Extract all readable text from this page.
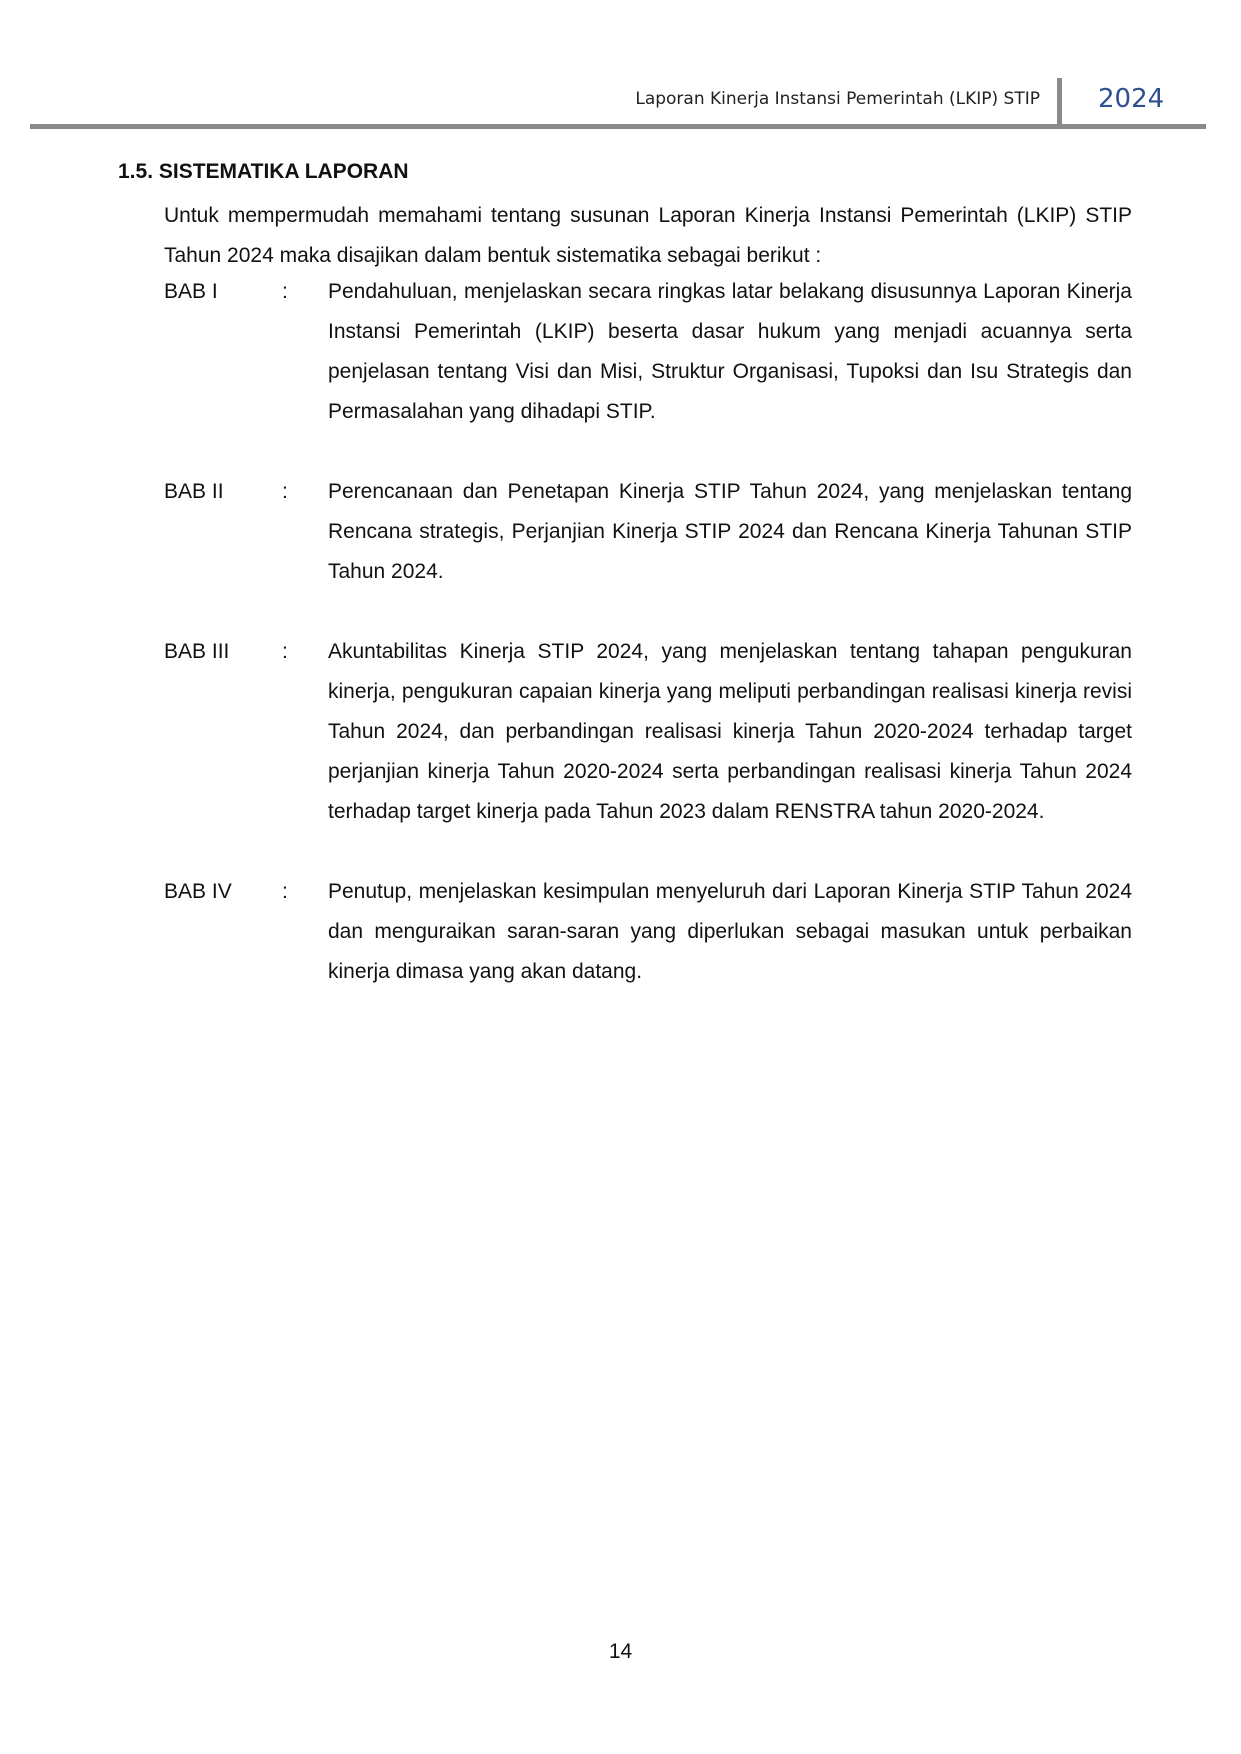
Laporan Kinerja Instansi Pemerintah (LKIP) STIP 2024
1.5. SISTEMATIKA LAPORAN

Untuk mempermudah memahami tentang susunan Laporan Kinerja Instansi Pemerintah (LKIP) STIP Tahun 2024 maka disajikan dalam bentuk sistematika sebagai berikut :

BAB I	: Pendahuluan, menjelaskan secara ringkas latar belakang disusunnya Laporan Kinerja Instansi Pemerintah (LKIP) beserta dasar hukum yang menjadi acuannya serta penjelasan tentang Visi dan Misi, Struktur Organisasi, Tupoksi dan Isu Strategis dan Permasalahan yang dihadapi STIP.
BAB II	: Perencanaan dan Penetapan Kinerja STIP Tahun 2024, yang menjelaskan tentang Rencana strategis, Perjanjian Kinerja STIP 2024 dan Rencana Kinerja Tahunan STIP Tahun 2024.
BAB III	: Akuntabilitas Kinerja STIP 2024, yang menjelaskan tentang tahapan pengukuran kinerja, pengukuran capaian kinerja yang meliputi perbandingan realisasi kinerja revisi Tahun 2024, dan perbandingan realisasi kinerja Tahun 2020-2024 terhadap target perjanjian kinerja Tahun 2020-2024 serta perbandingan realisasi kinerja Tahun 2024 terhadap target kinerja pada Tahun 2023 dalam RENSTRA tahun 2020-2024.
BAB IV : Penutup, menjelaskan kesimpulan menyeluruh dari Laporan Kinerja STIP Tahun 2024 dan menguraikan saran-saran yang diperlukan sebagai masukan untuk perbaikan kinerja dimasa yang akan datang.
14
